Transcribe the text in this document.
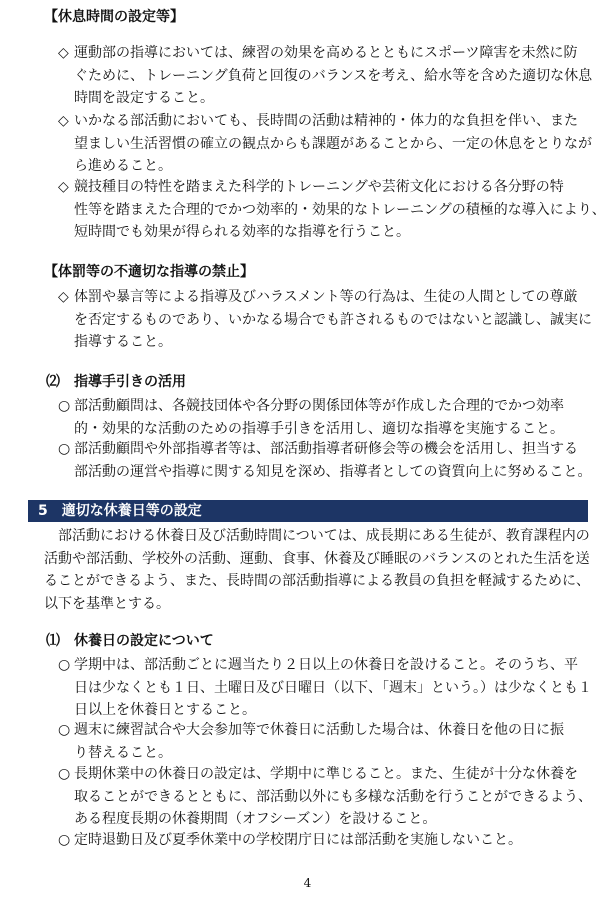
【休息時間の設定等】
◇ 運動部の指導においては、練習の効果を高めるとともにスポーツ障害を未然に防
ぐために、トレーニング負荷と回復のバランスを考え、給水等を含めた適切な休息
時間を設定すること。
◇ いかなる部活動においても、長時間の活動は精神的・体力的な負担を伴い、また
望ましい生活習慣の確立の観点からも課題があることから、一定の休息をとりなが
ら進めること。
◇ 競技種目の特性を踏まえた科学的トレーニングや芸術文化における各分野の特
性等を踏まえた合理的でかつ効率的・効果的なトレーニングの積極的な導入により、
短時間でも効果が得られる効率的な指導を行うこと。
【体罰等の不適切な指導の禁止】
◇ 体罰や暴言等による指導及びハラスメント等の行為は、生徒の人間としての尊厳
を否定するものであり、いかなる場合でも許されるものではないと認識し、誠実に
指導すること。
⑵　指導手引きの活用
○ 部活動顧問は、各競技団体や各分野の関係団体等が作成した合理的でかつ効率
的・効果的な活動のための指導手引きを活用し、適切な指導を実施すること。
○ 部活動顧問や外部指導者等は、部活動指導者研修会等の機会を活用し、担当する
部活動の運営や指導に関する知見を深め、指導者としての資質向上に努めること。
5　適切な休養日等の設定
　部活動における休養日及び活動時間については、成長期にある生徒が、教育課程内の
活動や部活動、学校外の活動、運動、食事、休養及び睡眠のバランスのとれた生活を送
ることができるよう、また、長時間の部活動指導による教員の負担を軽減するために、
以下を基準とする。
⑴　休養日の設定について
○ 学期中は、部活動ごとに週当たり２日以上の休養日を設けること。そのうち、平
日は少なくとも１日、土曜日及び日曜日（以下、「週末」という。）は少なくとも１
日以上を休養日とすること。
○ 週末に練習試合や大会参加等で休養日に活動した場合は、休養日を他の日に振
り替えること。
○ 長期休業中の休養日の設定は、学期中に準じること。また、生徒が十分な休養を
取ることができるとともに、部活動以外にも多様な活動を行うことができるよう、
ある程度長期の休養期間（オフシーズン）を設けること。
○ 定時退勤日及び夏季休業中の学校閉庁日には部活動を実施しないこと。
4
